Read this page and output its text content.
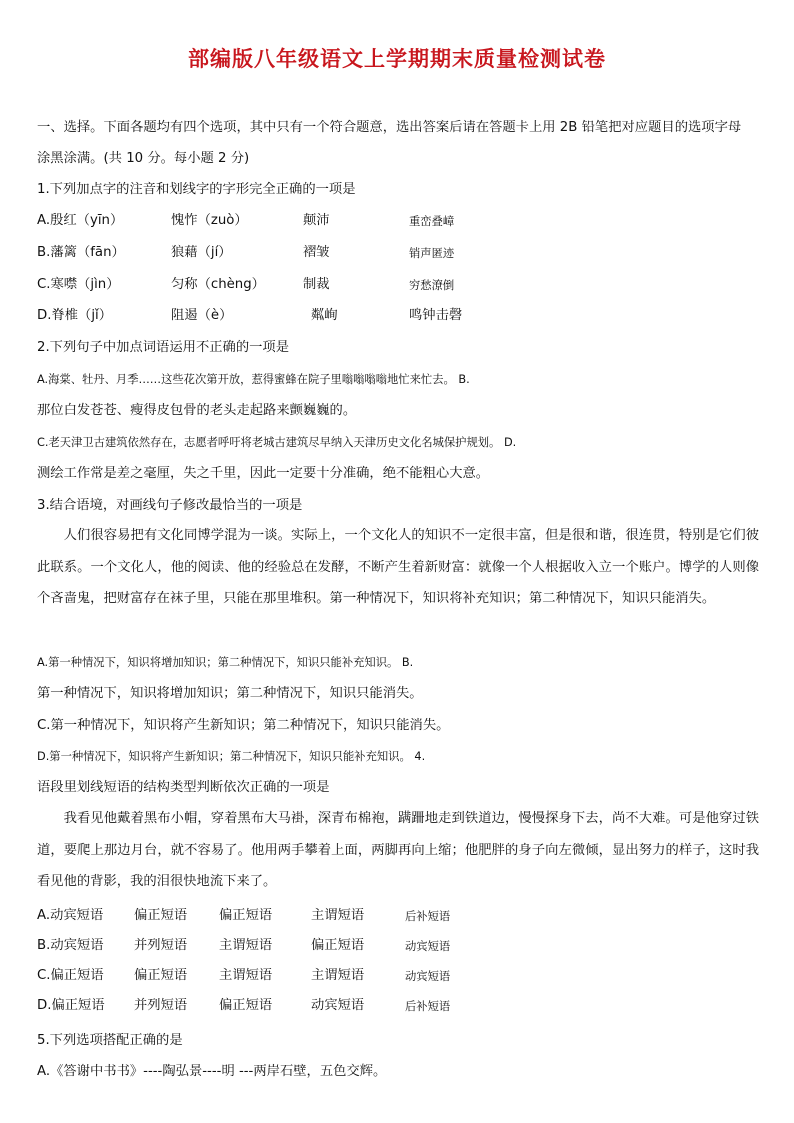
部编版八年级语文上学期期末质量检测试卷
一、选择。下面各题均有四个选项，其中只有一个符合题意，选出答案后请在答题卡上用 2B 铅笔把对应题目的选项字母
涂黑涂满。(共 10 分。每小题 2 分)
1.下列加点字的注音和划线字的字形完全正确的一项是
A.殷红（yīn）	愧怍（zuò）	颠沛	重峦叠嶂
B.藩篱（fān）	狼藉（jí）	褶皱	销声匿迹
C.寒噤（jìn）	匀称（chèng）	制裁	穷愁潦倒
D.脊椎（jǐ）	阻遏（è）	粼峋	鸣钟击磬
2.下列句子中加点词语运用不正确的一项是
A.海棠、牡丹、月季……这些花次第开放，惹得蜜蜂在院子里嗡嗡嗡嗡地忙来忙去。 B.
那位白发苍苍、瘦得皮包骨的老头走起路来颤巍巍的。
C.老天津卫古建筑依然存在，志愿者呼吁将老城古建筑尽早纳入天津历史文化名城保护规划。 D.
测绘工作常是差之毫厘，失之千里，因此一定要十分准确，绝不能粗心大意。
3.结合语境，对画线句子修改最恰当的一项是
人们很容易把有文化同博学混为一谈。实际上，一个文化人的知识不一定很丰富，但是很和谐，很连贯，特别是它们彼此联系。一个文化人，他的阅读、他的经验总在发酵，不断产生着新财富：就像一个人根据收入立一个账户。博学的人则像个吝啬鬼，把财富存在袜子里，只能在那里堆积。第一种情况下，知识将补充知识；第二种情况下，知识只能消失。
A.第一种情况下，知识将增加知识；第二种情况下，知识只能补充知识。 B.
第一种情况下，知识将增加知识；第二种情况下，知识只能消失。
C.第一种情况下，知识将产生新知识；第二种情况下，知识只能消失。
D.第一种情况下，知识将产生新知识；第二种情况下，知识只能补充知识。 4.
语段里划线短语的结构类型判断依次正确的一项是
我看见他戴着黑布小帽，穿着黑布大马褂，深青布棉袍，蹒跚地走到铁道边，慢慢探身下去，尚不大难。可是他穿过铁道，要爬上那边月台，就不容易了。他用两手攀着上面，两脚再向上缩；他肥胖的身子向左微倾，显出努力的样子，这时我看见他的背影，我的泪很快地流下来了。
A.动宾短语 偏正短语 偏正短语	主谓短语	后补短语
B.动宾短语 并列短语 主谓短语	偏正短语	动宾短语
C.偏正短语 偏正短语 主谓短语	主谓短语	动宾短语
D.偏正短语 并列短语 偏正短语	动宾短语	后补短语
5.下列选项搭配正确的是
A.《答谢中书书》----陶弘景----明 ---两岸石壁，五色交辉。
